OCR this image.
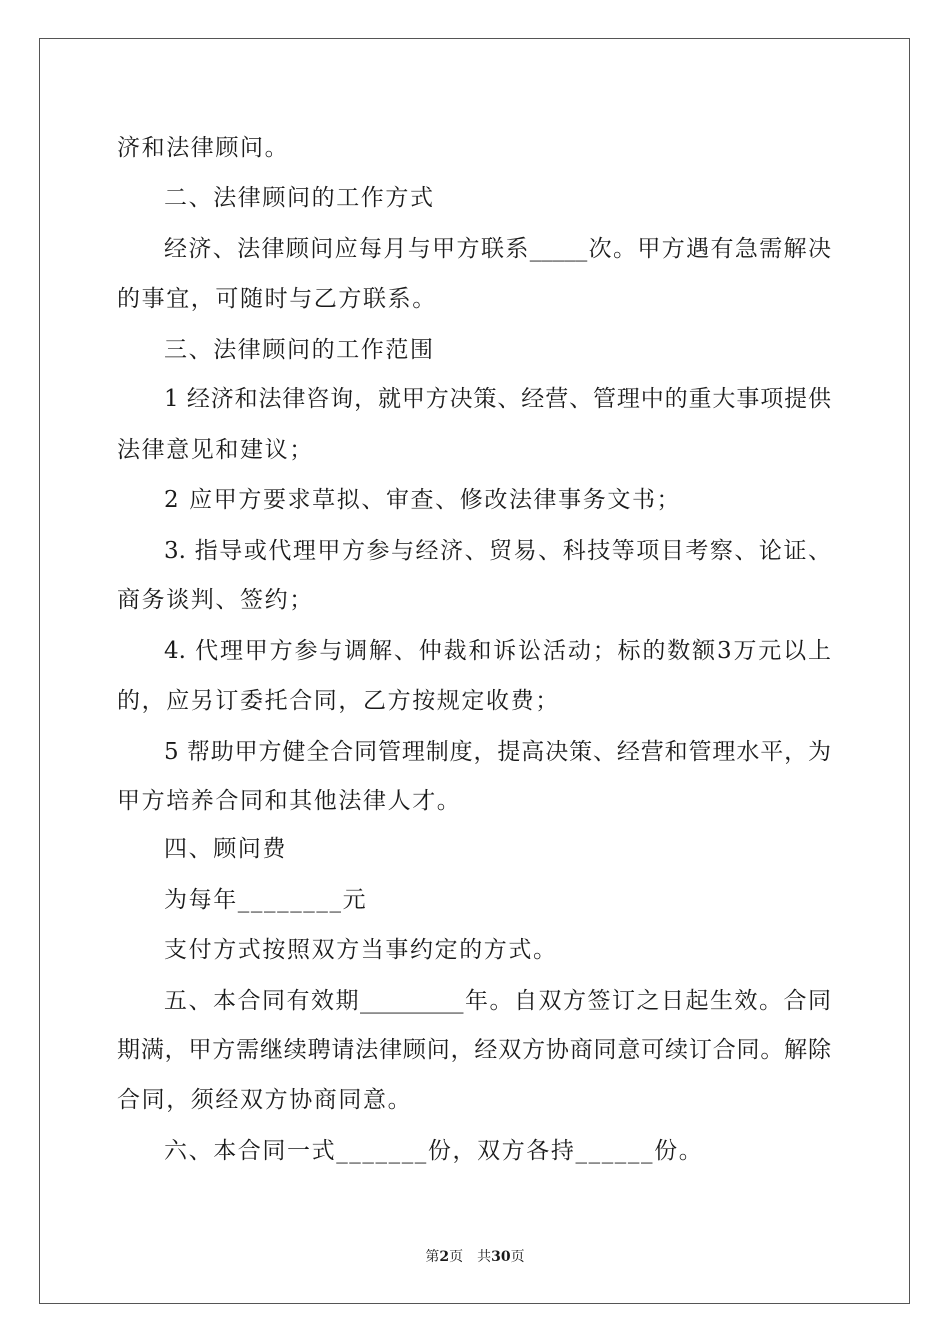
济和法律顾问。
二、法律顾问的工作方式
经济、法律顾问应每月与甲方联系_____次。甲方遇有急需解决
的事宜，可随时与乙方联系。
三、法律顾问的工作范围
1 经济和法律咨询，就甲方决策、经营、管理中的重大事项提供
法律意见和建议；
2 应甲方要求草拟、审查、修改法律事务文书；
3. 指导或代理甲方参与经济、贸易、科技等项目考察、论证、
商务谈判、签约；
4. 代理甲方参与调解、仲裁和诉讼活动；标的数额3万元以上
的，应另订委托合同，乙方按规定收费；
5 帮助甲方健全合同管理制度，提高决策、经营和管理水平，为
甲方培养合同和其他法律人才。
四、顾问费
为每年________元
支付方式按照双方当事约定的方式。
五、本合同有效期_________年。自双方签订之日起生效。合同
期满，甲方需继续聘请法律顾问，经双方协商同意可续订合同。解除
合同，须经双方协商同意。
六、本合同一式_______份，双方各持______份。
第2页 共30页
